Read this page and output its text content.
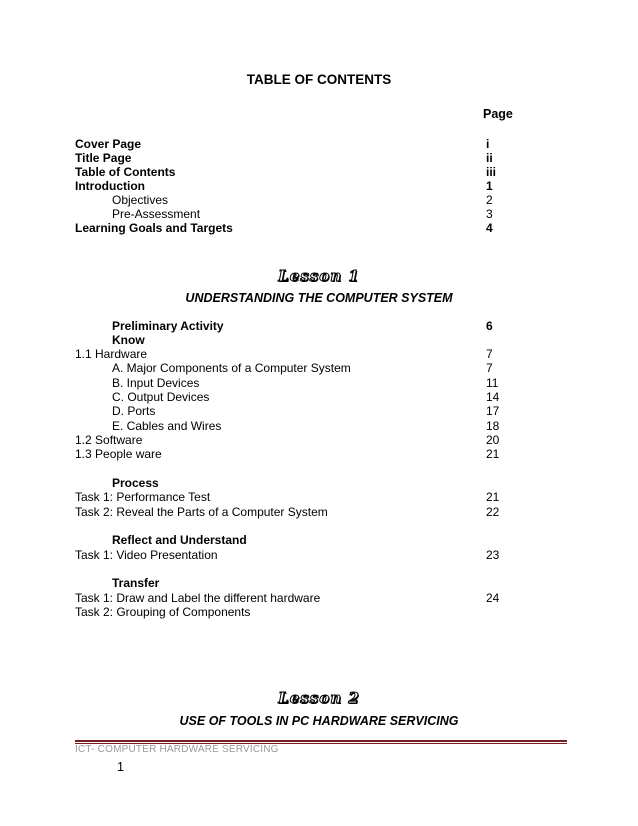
TABLE OF CONTENTS
Page
Cover Page	i
Title Page	ii
Table of Contents	iii
Introduction	1
Objectives	2
Pre-Assessment	3
Learning Goals and Targets	4
Lesson 1
UNDERSTANDING THE COMPUTER SYSTEM
Preliminary Activity	6
Know
1.1 Hardware	7
A. Major Components of a Computer System	7
B. Input Devices	11
C. Output Devices	14
D. Ports	17
E. Cables and Wires	18
1.2 Software	20
1.3 People ware	21
Process
Task 1: Performance Test	21
Task 2: Reveal the Parts of a Computer System	22
Reflect and Understand
Task 1: Video Presentation	23
Transfer
Task 1: Draw and Label the different hardware	24
Task 2: Grouping of Components
Lesson 2
USE OF TOOLS IN PC HARDWARE SERVICING
ICT- COMPUTER HARDWARE SERVICING
1
